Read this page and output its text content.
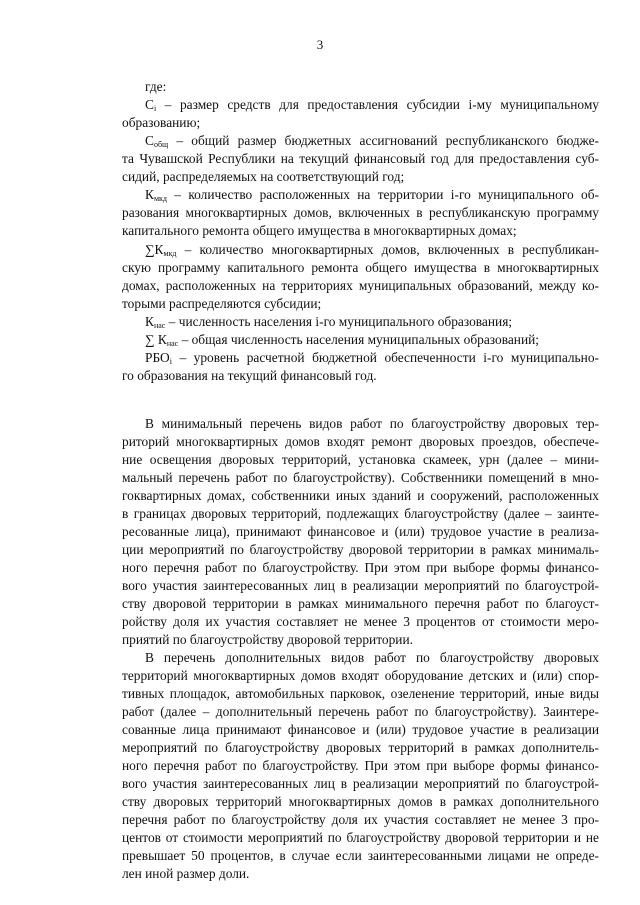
3
где:
$С_i$ – размер средств для предоставления субсидии i-му муниципальному
образованию;
$С_{общ}$ – общий размер бюджетных ассигнований республиканского бюдже-
та Чувашской Республики на текущий финансовый год для предоставления суб-
сидий, распределяемых на соответствующий год;
$К_{мкд}$ – количество расположенных на территории i-го муниципального об-
разования многоквартирных домов, включенных в республиканскую программу
капитального ремонта общего имущества в многоквартирных домах;
$\sum К_{мкд}$ – количество многоквартирных домов, включенных в республикан-
скую программу капитального ремонта общего имущества в многоквартирных
домах, расположенных на территориях муниципальных образований, между ко-
торыми распределяются субсидии;
$К_{нас}$ – численность населения i-го муниципального образования;
∑ $К_{нас}$ – общая численность населения муниципальных образований;
$РБО_i$ – уровень расчетной бюджетной обеспеченности i-го муниципально-
го образования на текущий финансовый год.
В минимальный перечень видов работ по благоустройству дворовых тер-
риторий многоквартирных домов входят ремонт дворовых проездов, обеспече-
ние освещения дворовых территорий, установка скамеек, урн (далее – мини-
мальный перечень работ по благоустройству). Собственники помещений в мно-
гоквартирных домах, собственники иных зданий и сооружений, расположенных
в границах дворовых территорий, подлежащих благоустройству (далее – заинте-
ресованные лица), принимают финансовое и (или) трудовое участие в реализа-
ции мероприятий по благоустройству дворовой территории в рамках минималь-
ного перечня работ по благоустройству. При этом при выборе формы финансо-
вого участия заинтересованных лиц в реализации мероприятий по благоустрой-
ству дворовой территории в рамках минимального перечня работ по благоуст-
ройству доля их участия составляет не менее 3 процентов от стоимости меро-
приятий по благоустройству дворовой территории.
В перечень дополнительных видов работ по благоустройству дворовых
территорий многоквартирных домов входят оборудование детских и (или) спор-
тивных площадок, автомобильных парковок, озеленение территорий, иные виды
работ (далее – дополнительный перечень работ по благоустройству). Заинтере-
сованные лица принимают финансовое и (или) трудовое участие в реализации
мероприятий по благоустройству дворовых территорий в рамках дополнитель-
ного перечня работ по благоустройству. При этом при выборе формы финансо-
вого участия заинтересованных лиц в реализации мероприятий по благоустрой-
ству дворовых территорий многоквартирных домов в рамках дополнительного
перечня работ по благоустройству доля их участия составляет не менее 3 про-
центов от стоимости мероприятий по благоустройству дворовой территории и не
превышает 50 процентов, в случае если заинтересованными лицами не опреде-
лен иной размер доли.
